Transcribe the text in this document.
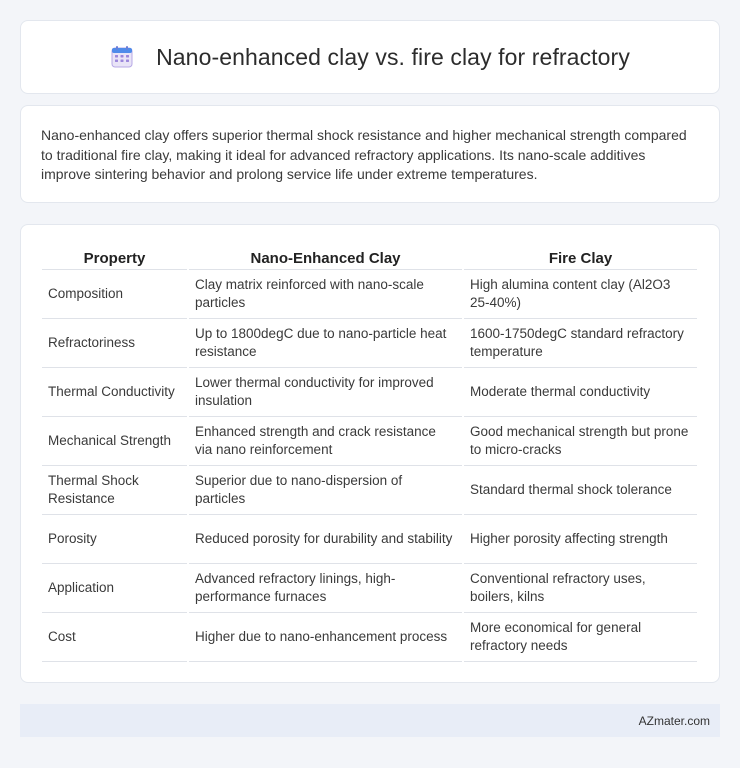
Nano-enhanced clay vs. fire clay for refractory

Nano-enhanced clay offers superior thermal shock resistance and higher mechanical strength compared to traditional fire clay, making it ideal for advanced refractory applications. Its nano-scale additives improve sintering behavior and prolong service life under extreme temperatures.

Property	Nano-Enhanced Clay	Fire Clay
Composition	Clay matrix reinforced with nano-scale particles	High alumina content clay (Al2O3 25-40%)
Refractoriness	Up to 1800degC due to nano-particle heat resistance	1600-1750degC standard refractory temperature
Thermal Conductivity	Lower thermal conductivity for improved insulation	Moderate thermal conductivity
Mechanical Strength	Enhanced strength and crack resistance via nano reinforcement	Good mechanical strength but prone to micro-cracks
Thermal Shock Resistance	Superior due to nano-dispersion of particles	Standard thermal shock tolerance
Porosity	Reduced porosity for durability and stability	Higher porosity affecting strength
Application	Advanced refractory linings, high-performance furnaces	Conventional refractory uses, boilers, kilns
Cost	Higher due to nano-enhancement process	More economical for general refractory needs
AZmater.com
